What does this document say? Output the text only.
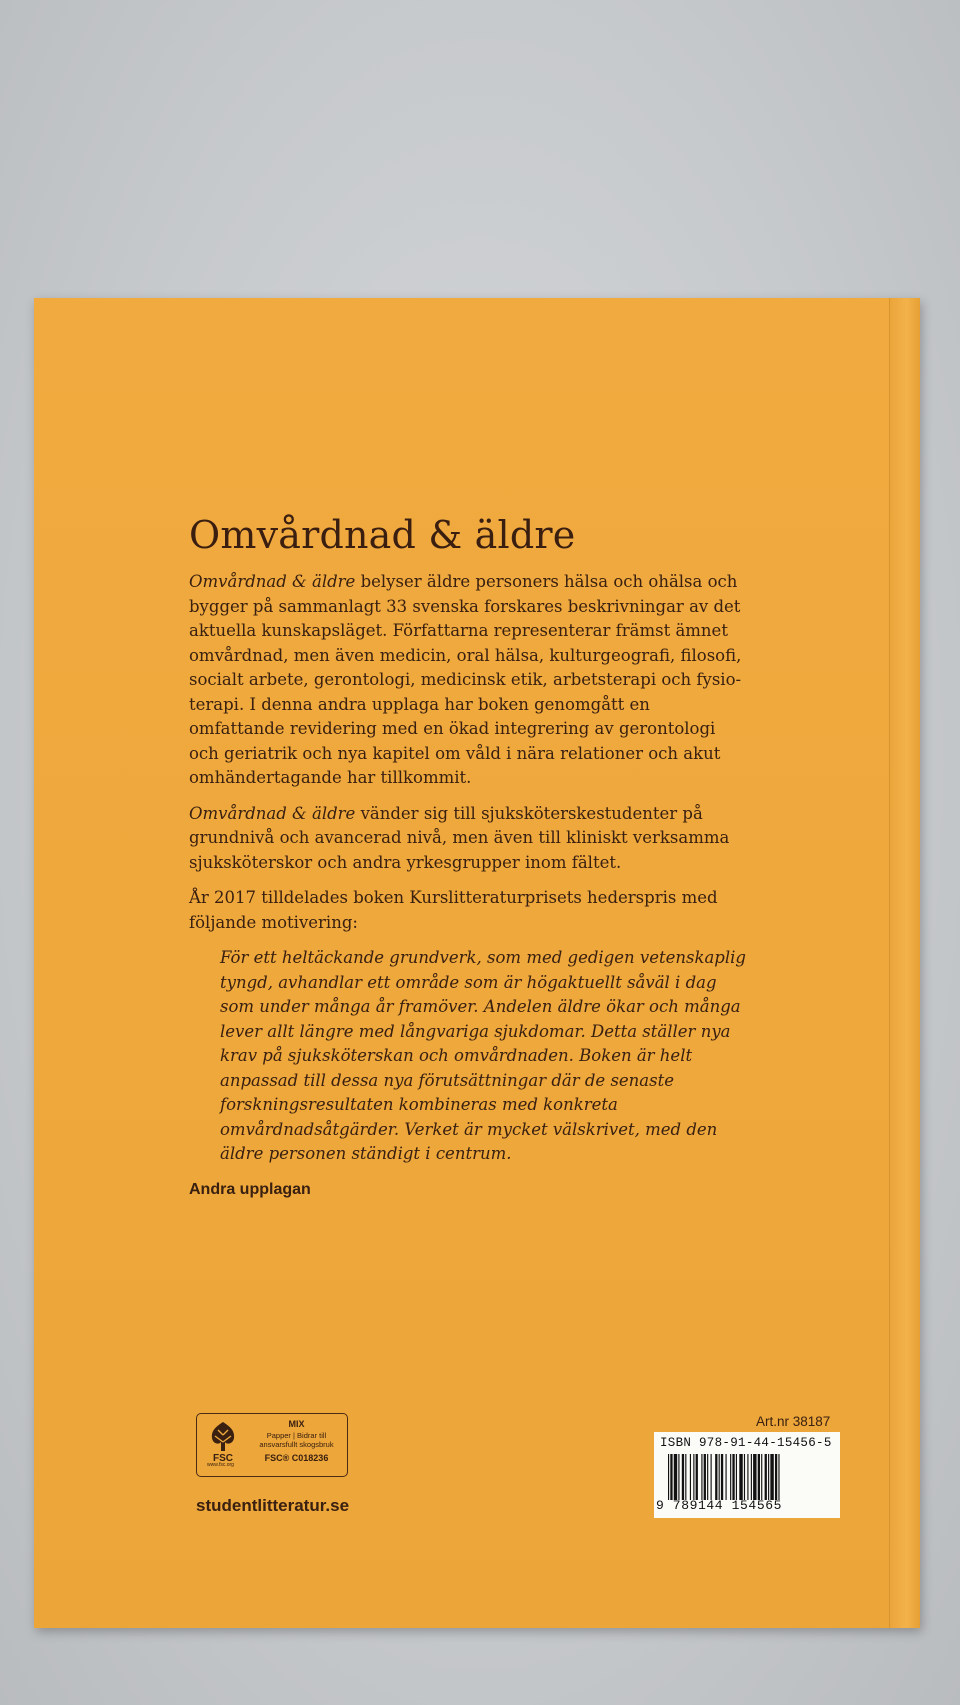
Omvårdnad & äldre

Omvårdnad & äldre belyser äldre personers hälsa och ohälsa och bygger på sammanlagt 33 svenska forskares beskrivningar av det aktuella kunskapsläget. Författarna representerar främst ämnet omvårdnad, men även medicin, oral hälsa, kulturgeografi, filosofi, socialt arbete, gerontologi, medicinsk etik, arbetsterapi och fysioterapi. I denna andra upplaga har boken genomgått en omfattande revidering med en ökad integrering av gerontologi och geriatrik och nya kapitel om våld i nära relationer och akut omhändertagande har tillkommit.

Omvårdnad & äldre vänder sig till sjuksköterskestudenter på grundnivå och avancerad nivå, men även till kliniskt verksamma sjuksköterskor och andra yrkesgrupper inom fältet.

År 2017 tilldelades boken Kurslitteraturprisets hederspris med följande motivering:

För ett heltäckande grundverk, som med gedigen vetenskaplig tyngd, avhandlar ett område som är högaktuellt såväl i dag som under många år framöver. Andelen äldre ökar och många lever allt längre med långvariga sjukdomar. Detta ställer nya krav på sjuksköterskan och omvårdnaden. Boken är helt anpassad till dessa nya förutsättningar där de senaste forskningsresultaten kombineras med konkreta omvårdnadsåtgärder. Verket är mycket välskrivet, med den äldre personen ständigt i centrum.

Andra upplagan

FSC
www.fsc.org
MIX
Papper | Bidrar till ansvarsfullt skogsbruk
FSC® C018236

studentlitteratur.se

Art.nr 38187
ISBN 978-91-44-15456-5
9 789144 154565
